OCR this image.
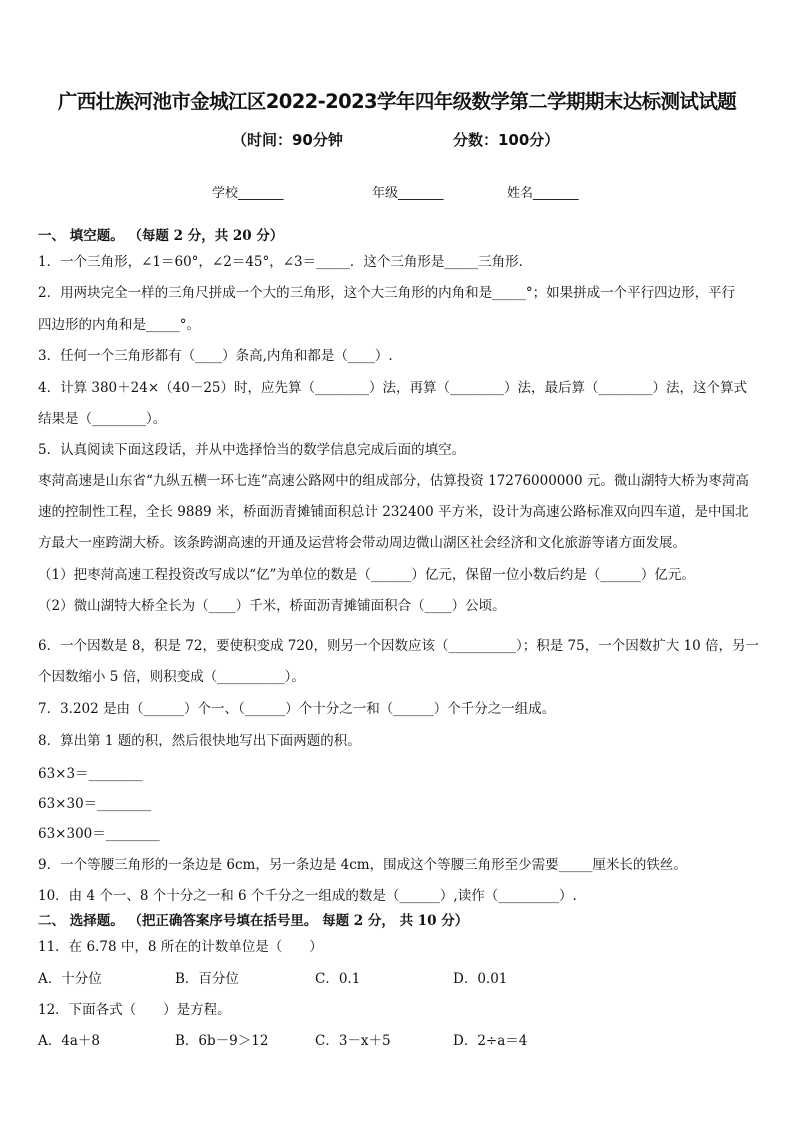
广西壮族河池市金城江区2022-2023学年四年级数学第二学期期末达标测试试题
（时间：90分钟	分数：100分）
学校_______	年级_______	姓名_______
一、 填空题。 （每题 2 分，共 20 分）
1．一个三角形，∠1＝60°，∠2＝45°，∠3＝_____．这个三角形是_____三角形．
2．用两块完全一样的三角尺拼成一个大的三角形，这个大三角形的内角和是_____°；如果拼成一个平行四边形，平行
四边形的内角和是_____°。
3．任何一个三角形都有（____）条高,内角和都是（____）.
4．计算 380＋24×（40－25）时，应先算（________）法，再算（________）法，最后算（________）法，这个算式
结果是（________）。
5．认真阅读下面这段话，并从中选择恰当的数学信息完成后面的填空。
枣菏高速是山东省“九纵五横一环七连”高速公路网中的组成部分，估算投资 17276000000 元。微山湖特大桥为枣菏高
速的控制性工程，全长 9889 米，桥面沥青摊铺面积总计 232400 平方米，设计为高速公路标准双向四车道，是中国北
方最大一座跨湖大桥。该条跨湖高速的开通及运营将会带动周边微山湖区社会经济和文化旅游等诸方面发展。
（1）把枣菏高速工程投资改写成以“亿”为单位的数是（______）亿元，保留一位小数后约是（______）亿元。
（2）微山湖特大桥全长为（____）千米，桥面沥青摊铺面积合（____）公顷。
6．一个因数是 8，积是 72，要使积变成 720，则另一个因数应该（__________）；积是 75，一个因数扩大 10 倍，另一
个因数缩小 5 倍，则积变成（__________）。
7．3.202 是由（______）个一、（______）个十分之一和（______）个千分之一组成。
8．算出第 1 题的积，然后很快地写出下面两题的积。
63×3＝________
63×30＝________
63×300＝________
9．一个等腰三角形的一条边是 6cm，另一条边是 4cm，围成这个等腰三角形至少需要_____厘米长的铁丝。
10．由 4 个一、8 个十分之一和 6 个千分之一组成的数是（______）,读作（_________）.
二、 选择题。 （把正确答案序号填在括号里。 每题 2 分， 共 10 分）
11．在 6.78 中，8 所在的计数单位是（　　）
A．十分位	B．百分位	C．0.1	D．0.01
12．下面各式（　　）是方程。
A．4a＋8	B．6b－9＞12	C．3－x＋5	D．2÷a＝4
